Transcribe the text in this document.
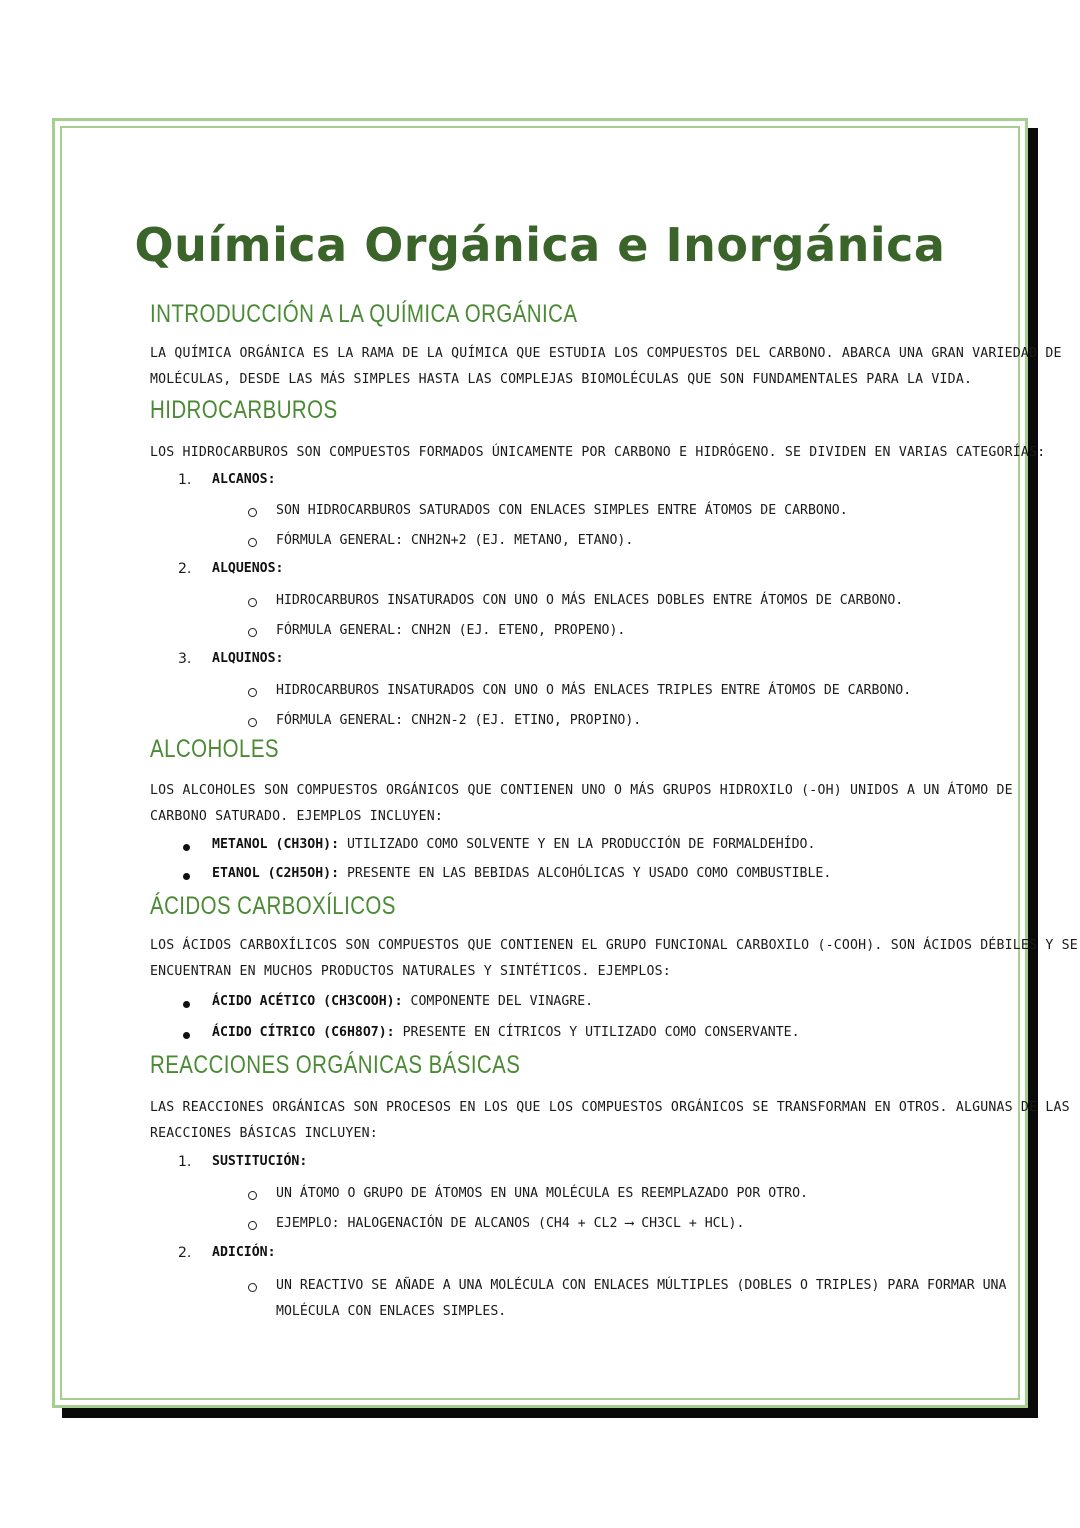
Química Orgánica e Inorgánica
INTRODUCCIÓN A LA QUÍMICA ORGÁNICA
LA QUÍMICA ORGÁNICA ES LA RAMA DE LA QUÍMICA QUE ESTUDIA LOS COMPUESTOS DEL CARBONO. ABARCA UNA GRAN VARIEDAD DE
MOLÉCULAS, DESDE LAS MÁS SIMPLES HASTA LAS COMPLEJAS BIOMOLÉCULAS QUE SON FUNDAMENTALES PARA LA VIDA.
HIDROCARBUROS
LOS HIDROCARBUROS SON COMPUESTOS FORMADOS ÚNICAMENTE POR CARBONO E HIDRÓGENO. SE DIVIDEN EN VARIAS CATEGORÍAS:
1. ALCANOS:
SON HIDROCARBUROS SATURADOS CON ENLACES SIMPLES ENTRE ÁTOMOS DE CARBONO.
FÓRMULA GENERAL: CNH2N+2 (EJ. METANO, ETANO).
2. ALQUENOS:
HIDROCARBUROS INSATURADOS CON UNO O MÁS ENLACES DOBLES ENTRE ÁTOMOS DE CARBONO.
FÓRMULA GENERAL: CNH2N (EJ. ETENO, PROPENO).
3. ALQUINOS:
HIDROCARBUROS INSATURADOS CON UNO O MÁS ENLACES TRIPLES ENTRE ÁTOMOS DE CARBONO.
FÓRMULA GENERAL: CNH2N-2 (EJ. ETINO, PROPINO).
ALCOHOLES
LOS ALCOHOLES SON COMPUESTOS ORGÁNICOS QUE CONTIENEN UNO O MÁS GRUPOS HIDROXILO (-OH) UNIDOS A UN ÁTOMO DE
CARBONO SATURADO. EJEMPLOS INCLUYEN:
METANOL (CH3OH): UTILIZADO COMO SOLVENTE Y EN LA PRODUCCIÓN DE FORMALDEHÍDO.
ETANOL (C2H5OH): PRESENTE EN LAS BEBIDAS ALCOHÓLICAS Y USADO COMO COMBUSTIBLE.
ÁCIDOS CARBOXÍLICOS
LOS ÁCIDOS CARBOXÍLICOS SON COMPUESTOS QUE CONTIENEN EL GRUPO FUNCIONAL CARBOXILO (-COOH). SON ÁCIDOS DÉBILES Y SE
ENCUENTRAN EN MUCHOS PRODUCTOS NATURALES Y SINTÉTICOS. EJEMPLOS:
ÁCIDO ACÉTICO (CH3COOH): COMPONENTE DEL VINAGRE.
ÁCIDO CÍTRICO (C6H8O7): PRESENTE EN CÍTRICOS Y UTILIZADO COMO CONSERVANTE.
REACCIONES ORGÁNICAS BÁSICAS
LAS REACCIONES ORGÁNICAS SON PROCESOS EN LOS QUE LOS COMPUESTOS ORGÁNICOS SE TRANSFORMAN EN OTROS. ALGUNAS DE LAS
REACCIONES BÁSICAS INCLUYEN:
1. SUSTITUCIÓN:
UN ÁTOMO O GRUPO DE ÁTOMOS EN UNA MOLÉCULA ES REEMPLAZADO POR OTRO.
EJEMPLO: HALOGENACIÓN DE ALCANOS (CH4 + CL2 ⟶ CH3CL + HCL).
2. ADICIÓN:
UN REACTIVO SE AÑADE A UNA MOLÉCULA CON ENLACES MÚLTIPLES (DOBLES O TRIPLES) PARA FORMAR UNA
MOLÉCULA CON ENLACES SIMPLES.
